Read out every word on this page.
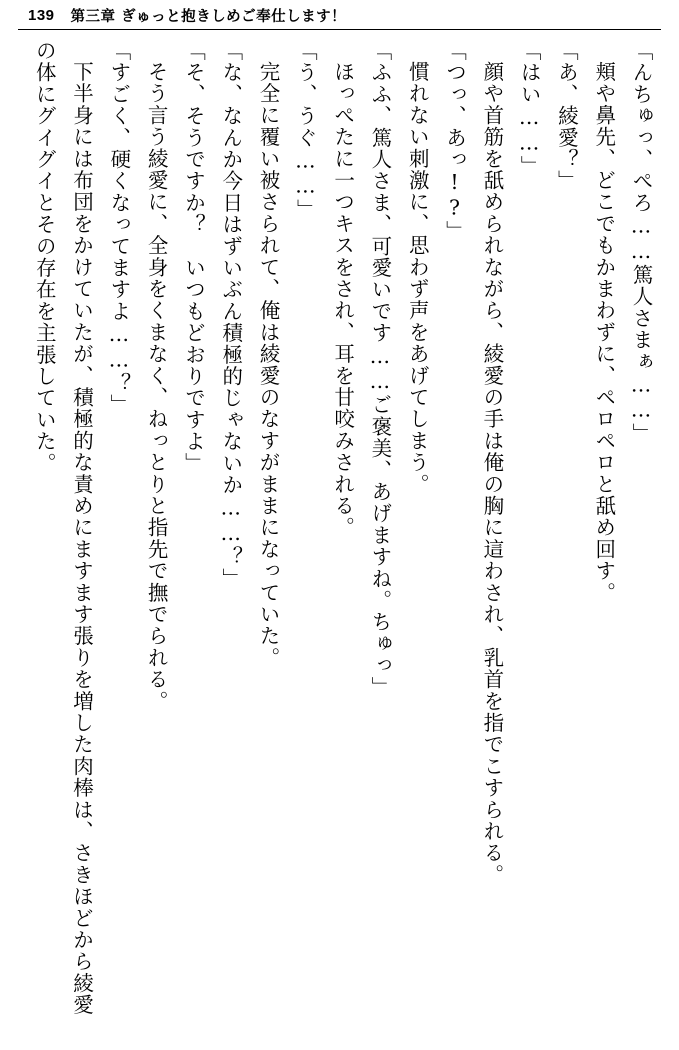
139 第三章 ぎゅっと抱きしめご奉仕します！

「んちゅっ、ぺろ……篤人さまぁ……」

頬や鼻先、どこでもかまわずに、ペロペロと舐め回す。

「あ、綾愛？」

「はい……」

顔や首筋を舐められながら、綾愛の手は俺の胸に這わされ、乳首を指でこすられる。

「つっ、あっ!?」

慣れない刺激に、思わず声をあげてしまう。

「ふふ、篤人さま、可愛いです……ご褒美、あげますね。ちゅっ」

ほっぺたに一つキスをされ、耳を甘咬みされる。

「う、うぐ……」

完全に覆い被さられて、俺は綾愛のなすがままになっていた。

「な、なんか今日はずいぶん積極的じゃないか……？」

「そ、そうですか？　いつもどおりですよ」

そう言う綾愛に、全身をくまなく、ねっとりと指先で撫でられる。

「すごく、硬くなってますよ……？」

下半身には布団をかけていたが、積極的な責めにますます張りを増した肉棒は、さきほどから綾愛の体にグイグイとその存在を主張していた。
